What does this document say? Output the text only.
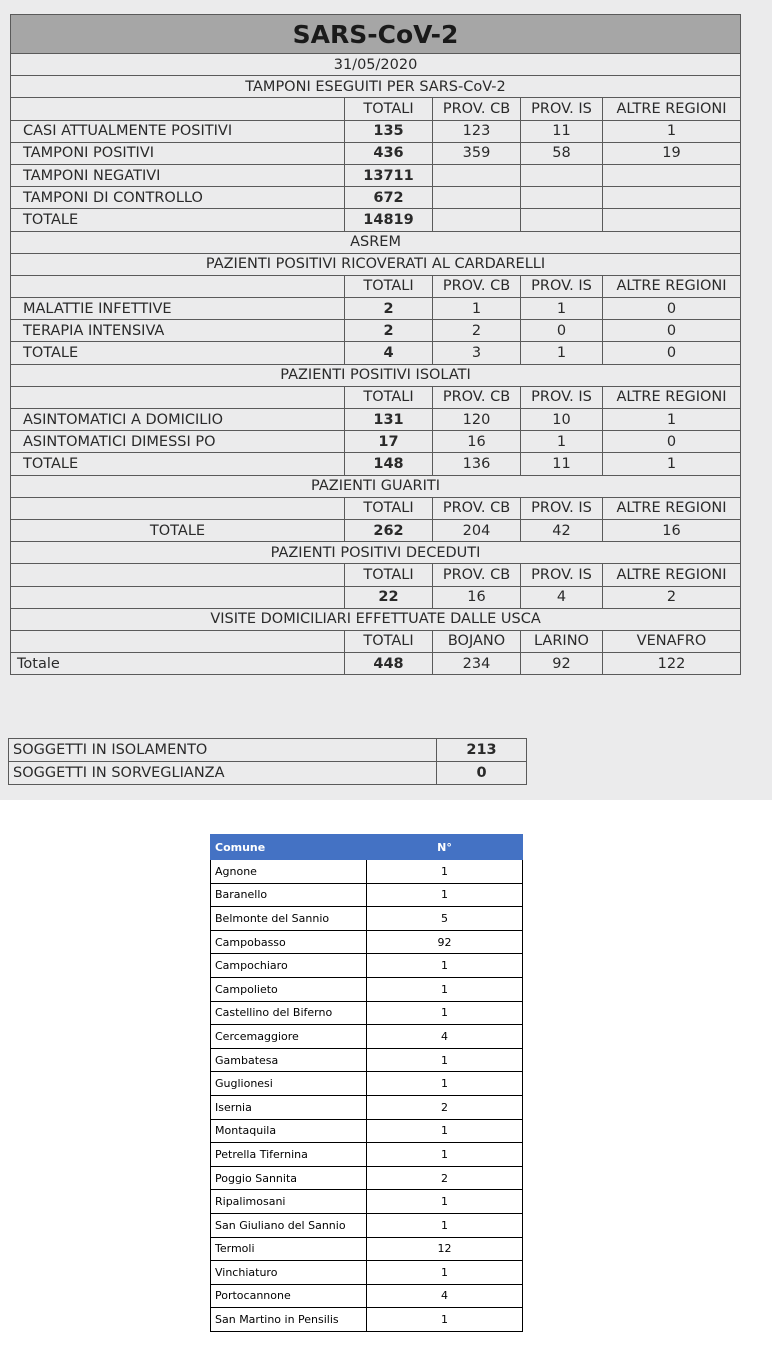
SARS-CoV-2				
31/05/2020				
TAMPONI ESEGUITI PER SARS-CoV-2				
	TOTALI	PROV. CB	PROV. IS	ALTRE REGIONI
CASI ATTUALMENTE POSITIVI	135	123	11	1
TAMPONI POSITIVI	436	359	58	19
TAMPONI NEGATIVI	13711			
TAMPONI DI CONTROLLO	672			
TOTALE	14819			
ASREM				
PAZIENTI POSITIVI RICOVERATI AL CARDARELLI				
	TOTALI	PROV. CB	PROV. IS	ALTRE REGIONI
MALATTIE INFETTIVE	2	1	1	0
TERAPIA INTENSIVA	2	2	0	0
TOTALE	4	3	1	0
PAZIENTI POSITIVI ISOLATI				
	TOTALI	PROV. CB	PROV. IS	ALTRE REGIONI
ASINTOMATICI A DOMICILIO	131	120	10	1
ASINTOMATICI DIMESSI PO	17	16	1	0
TOTALE	148	136	11	1
PAZIENTI GUARITI				
	TOTALI	PROV. CB	PROV. IS	ALTRE REGIONI
TOTALE	262	204	42	16
PAZIENTI POSITIVI DECEDUTI				
	TOTALI	PROV. CB	PROV. IS	ALTRE REGIONI
	22	16	4	2
VISITE DOMICILIARI EFFETTUATE DALLE USCA				
	TOTALI	BOJANO	LARINO	VENAFRO
Totale	448	234	92	122
SOGGETTI IN ISOLAMENTO	213
SOGGETTI IN SORVEGLIANZA	0
Comune	N°
Agnone	1
Baranello	1
Belmonte del Sannio	5
Campobasso	92
Campochiaro	1
Campolieto	1
Castellino del Biferno	1
Cercemaggiore	4
Gambatesa	1
Guglionesi	1
Isernia	2
Montaquila	1
Petrella Tifernina	1
Poggio Sannita	2
Ripalimosani	1
San Giuliano del Sannio	1
Termoli	12
Vinchiaturo	1
Portocannone	4
San Martino in Pensilis	1
